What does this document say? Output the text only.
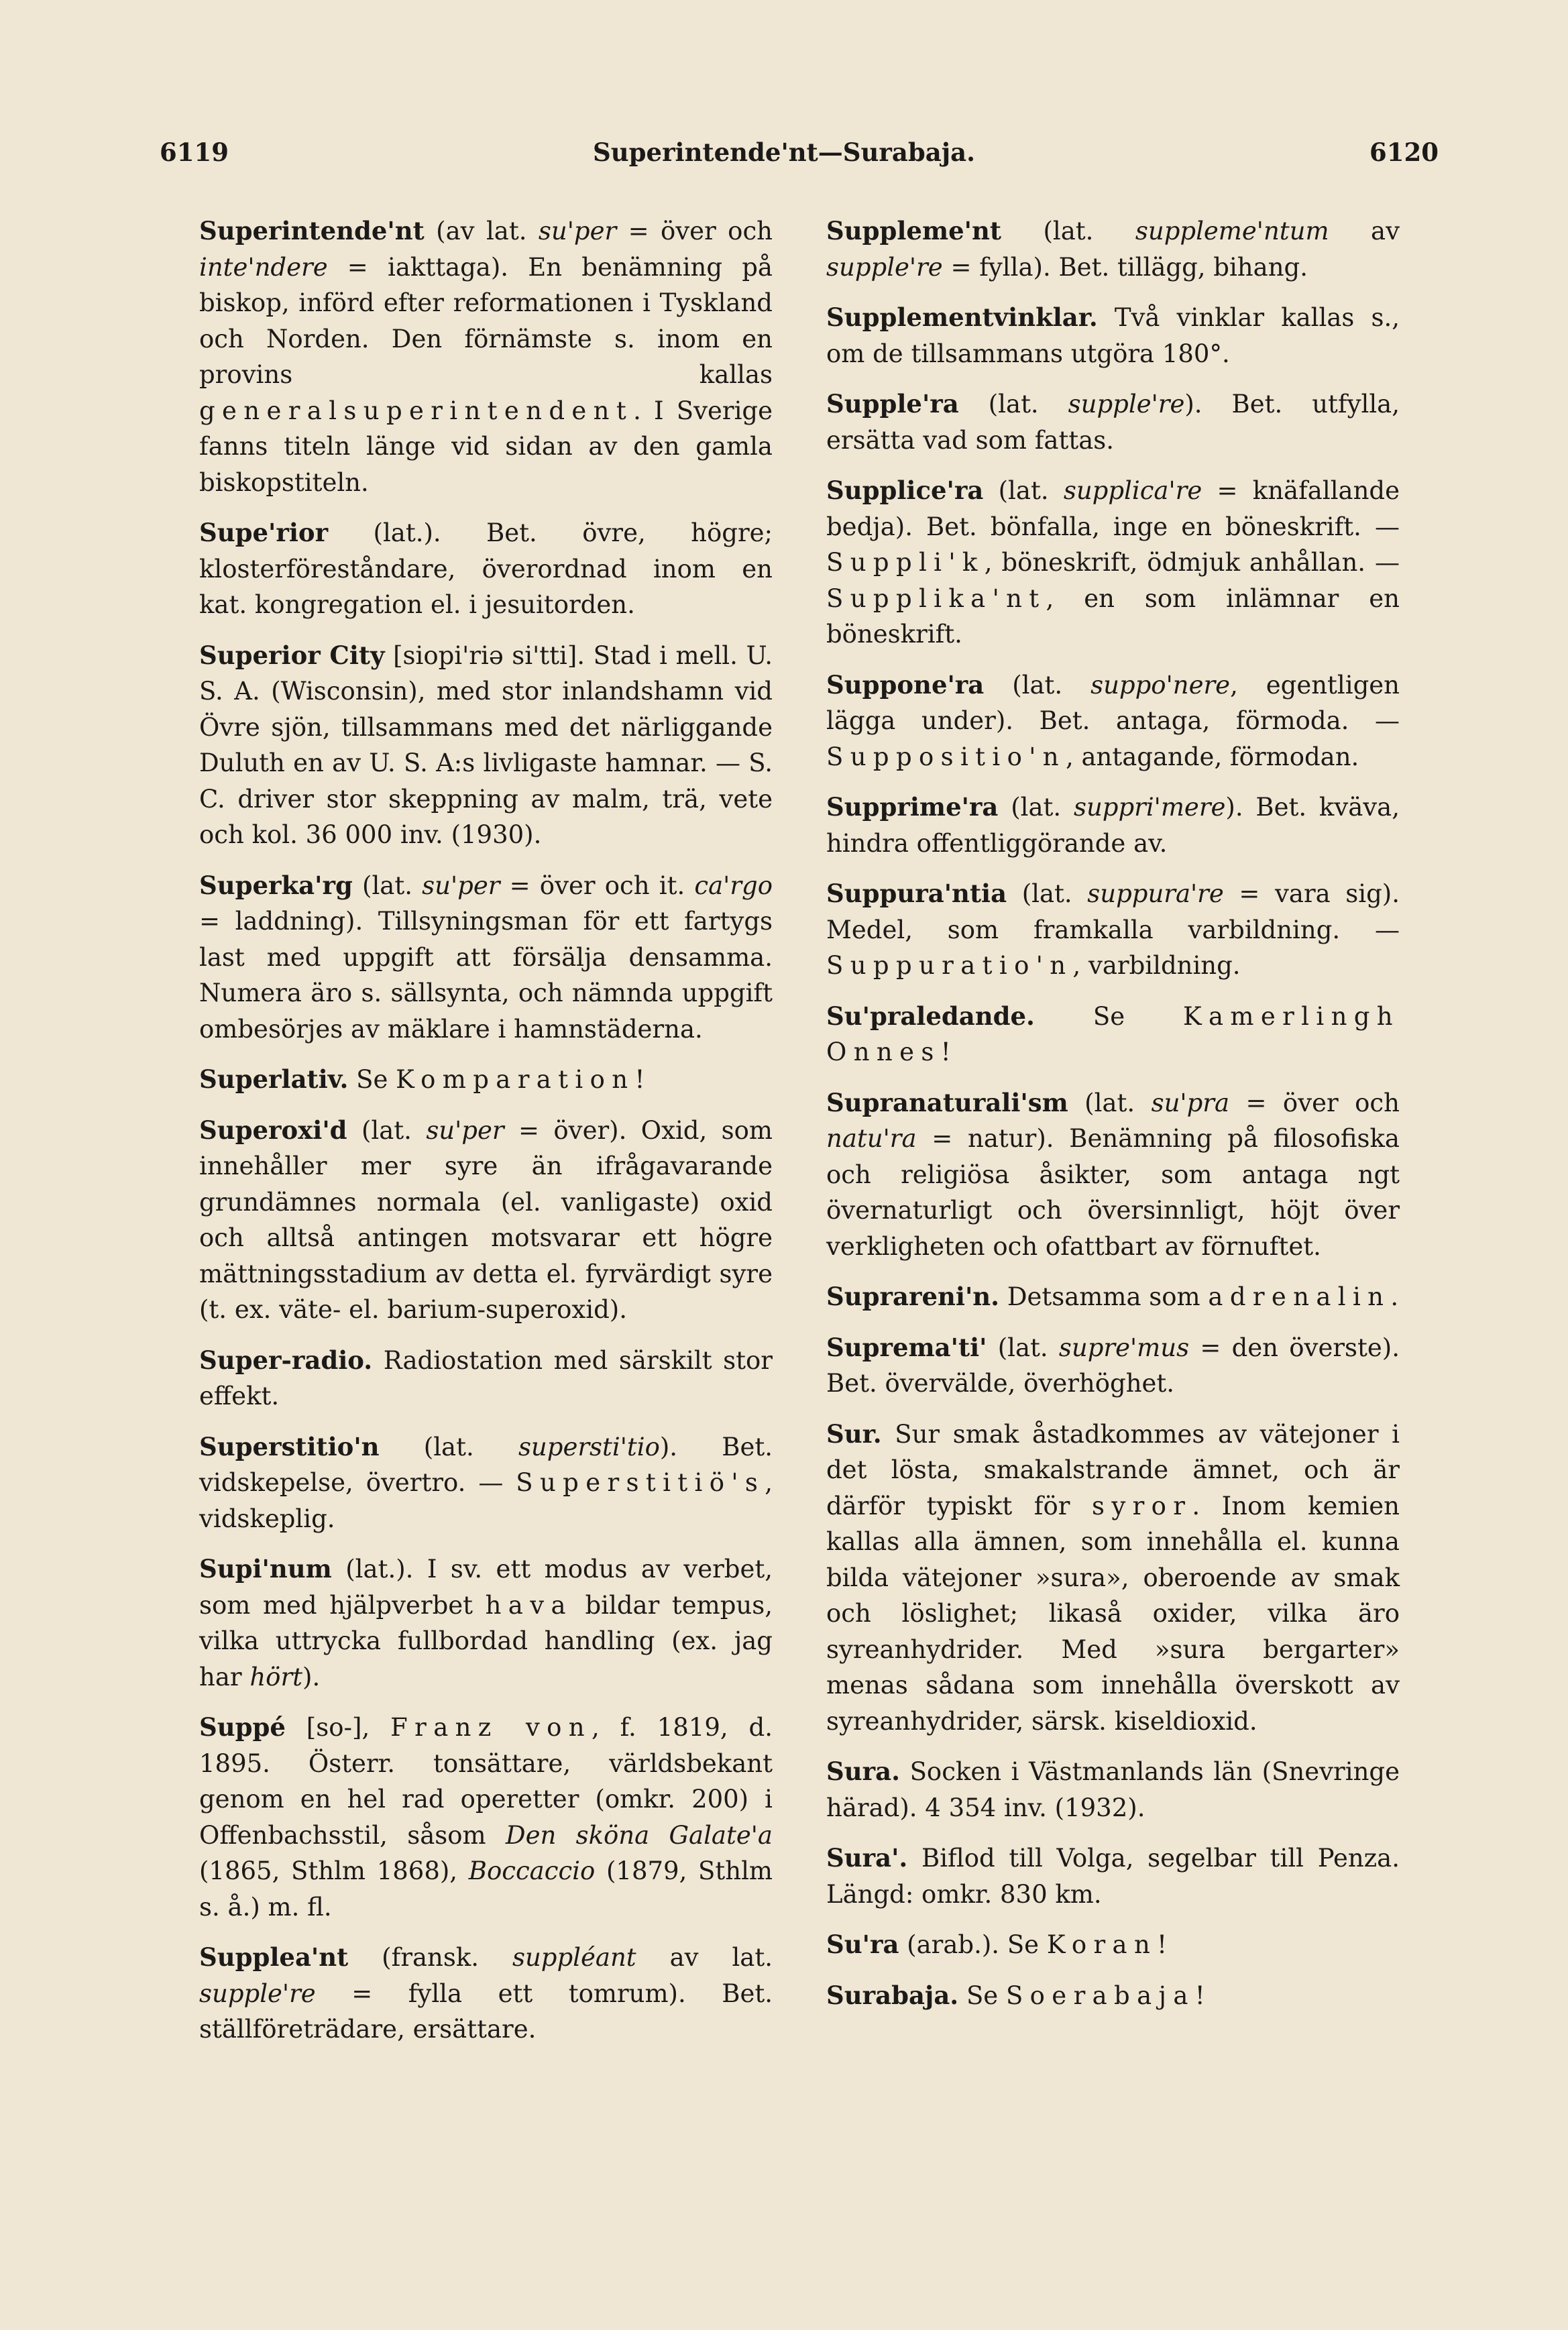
6119	Superintende'nt—Surabaja.	6120

Superintende'nt (av lat. su'per = över och inte'ndere = iakttaga). En benämning på biskop, införd efter reformationen i Tyskland och Norden. Den förnämste s. inom en provins kallas generalsuperintendent. I Sverige fanns titeln länge vid sidan av den gamla biskopstiteln.

Supe'rior (lat.). Bet. övre, högre; klosterföreståndare, överordnad inom en kat. kongregation el. i jesuitorden.

Superior City [siopi'riə si'tti]. Stad i mell. U. S. A. (Wisconsin), med stor inlandshamn vid Övre sjön, tillsammans med det närliggande Duluth en av U. S. A:s livligaste hamnar. — S. C. driver stor skeppning av malm, trä, vete och kol. 36 000 inv. (1930).

Superka'rg (lat. su'per = över och it. ca'rgo = laddning). Tillsyningsman för ett fartygs last med uppgift att försälja densamma. Numera äro s. sällsynta, och nämnda uppgift ombesörjes av mäklare i hamnstäderna.

Superlativ. Se Komparation!

Superoxi'd (lat. su'per = över). Oxid, som innehåller mer syre än ifrågavarande grundämnes normala (el. vanligaste) oxid och alltså antingen motsvarar ett högre mättningsstadium av detta el. fyrvärdigt syre (t. ex. väte- el. barium-superoxid).

Super-radio. Radiostation med särskilt stor effekt.

Superstitio'n (lat. supersti'tio). Bet. vidskepelse, övertro. — Superstitiö's, vidskeplig.

Supi'num (lat.). I sv. ett modus av verbet, som med hjälpverbet hava bildar tempus, vilka uttrycka fullbordad handling (ex. jag har hört).

Suppé [so-], Franz von, f. 1819, d. 1895. Österr. tonsättare, världsbekant genom en hel rad operetter (omkr. 200) i Offenbachsstil, såsom Den sköna Galate'a (1865, Sthlm 1868), Boccaccio (1879, Sthlm s. å.) m. fl.

Supplea'nt (fransk. suppléant av lat. supple're = fylla ett tomrum). Bet. ställföreträdare, ersättare.

Suppleme'nt (lat. suppleme'ntum av supple're = fylla). Bet. tillägg, bihang.

Supplementvinklar. Två vinklar kallas s., om de tillsammans utgöra 180°.

Supple'ra (lat. supple're). Bet. utfylla, ersätta vad som fattas.

Supplice'ra (lat. supplica're = knäfallande bedja). Bet. bönfalla, inge en böneskrift. — Suppli'k, böneskrift, ödmjuk anhållan. — Supplika'nt, en som inlämnar en böneskrift.

Suppone'ra (lat. suppo'nere, egentligen lägga under). Bet. antaga, förmoda. — Suppositio'n, antagande, förmodan.

Supprime'ra (lat. suppri'mere). Bet. kväva, hindra offentliggörande av.

Suppura'ntia (lat. suppura're = vara sig). Medel, som framkalla varbildning. — Suppuratio'n, varbildning.

Su'praledande. Se Kamerlingh Onnes!

Supranaturali'sm (lat. su'pra = över och natu'ra = natur). Benämning på filosofiska och religiösa åsikter, som antaga ngt övernaturligt och översinnligt, höjt över verkligheten och ofattbart av förnuftet.

Suprareni'n. Detsamma som adrenalin.

Suprema'ti' (lat. supre'mus = den överste). Bet. övervälde, överhöghet.

Sur. Sur smak åstadkommes av vätejoner i det lösta, smakalstrande ämnet, och är därför typiskt för syror. Inom kemien kallas alla ämnen, som innehålla el. kunna bilda vätejoner »sura», oberoende av smak och löslighet; likaså oxider, vilka äro syreanhydrider. Med »sura bergarter» menas sådana som innehålla överskott av syreanhydrider, särsk. kiseldioxid.

Sura. Socken i Västmanlands län (Snevringe härad). 4 354 inv. (1932).

Sura'. Biflod till Volga, segelbar till Penza. Längd: omkr. 830 km.

Su'ra (arab.). Se Koran!

Surabaja. Se Soerabaja!
